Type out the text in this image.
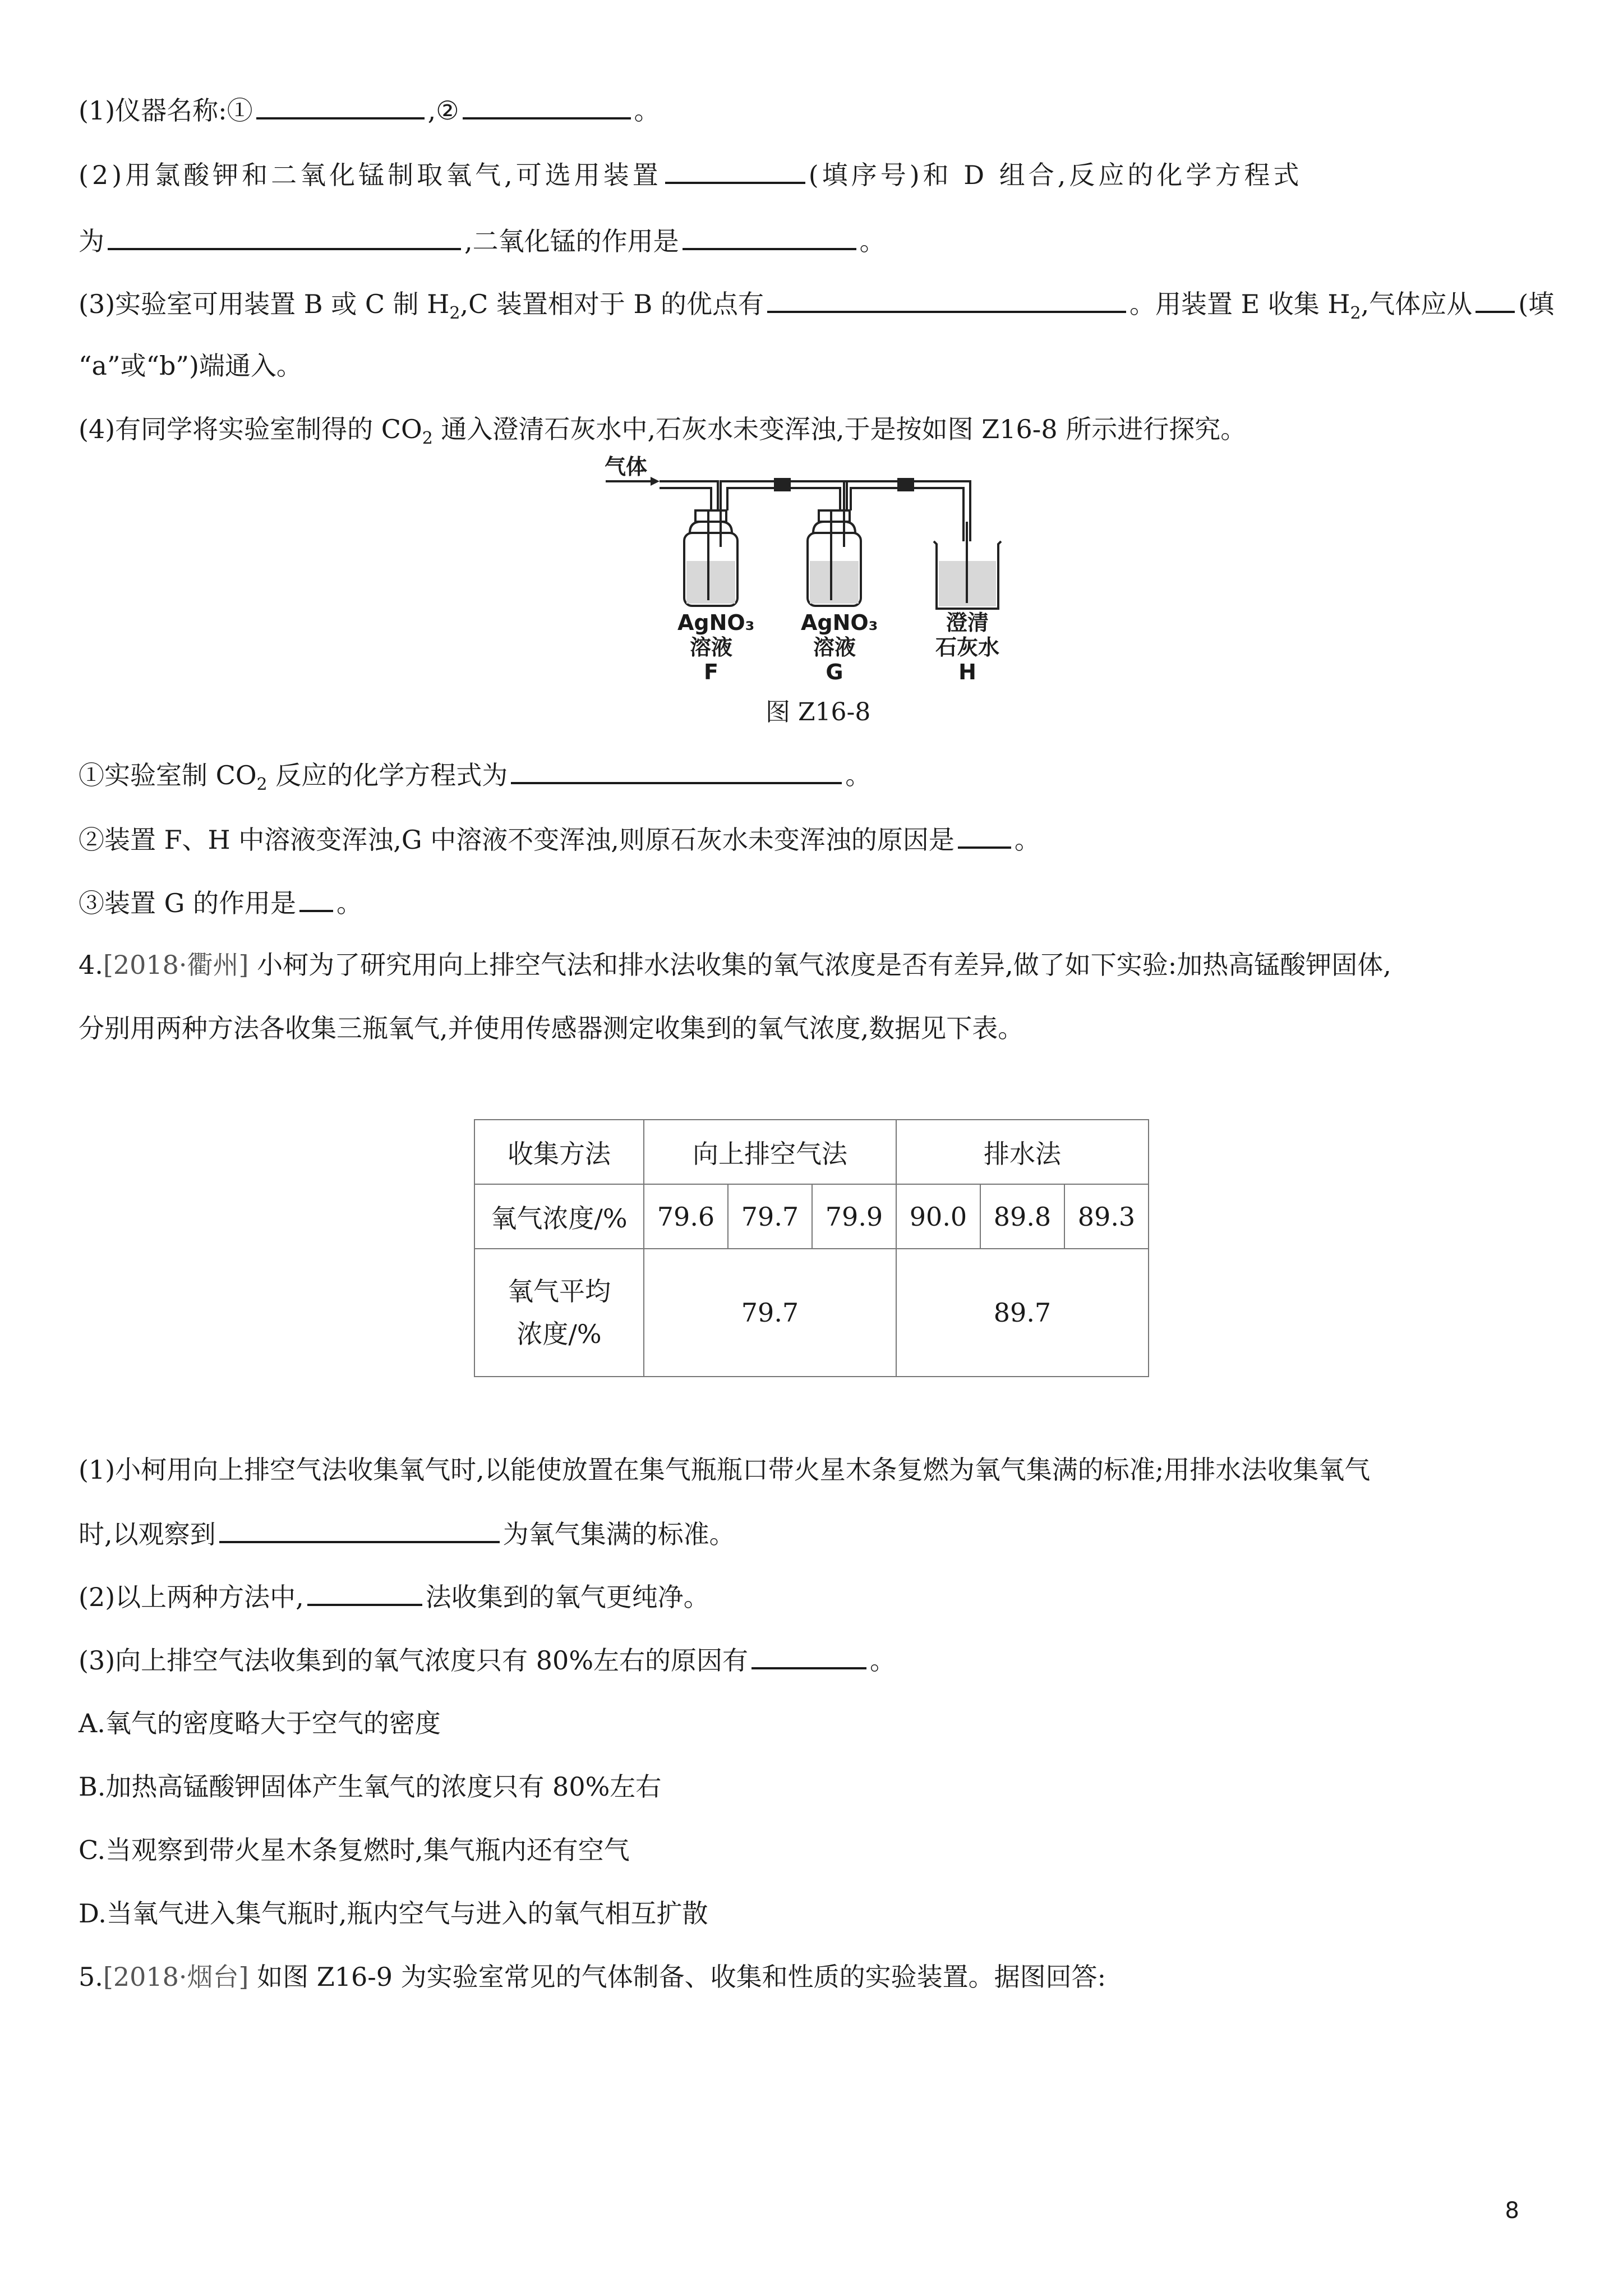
(1)仪器名称:①	,②	。
(2)用氯酸钾和二氧化锰制取氧气,可选用装置	(填序号)和 D 组合,反应的化学方程式
为	,二氧化锰的作用是	。
(3)实验室可用装置 B 或 C 制 $H_2,C$ 装置相对于 B 的优点有	。用装置 E 收集 $H_2$,气体应从 (填
“a”或“b”)端通入。
(4)有同学将实验室制得的 $CO_2$ 通入澄清石灰水中,石灰水未变浑浊,于是按如图 Z16-8 所示进行探究。
气体
AgNO₃
溶液
F
AgNO₃
溶液
G
澄清
石灰水
H
图 Z16-8
①实验室制 $CO_2$ 反应的化学方程式为	。
②装置 F、H 中溶液变浑浊,G 中溶液不变浑浊,则原石灰水未变浑浊的原因是 。
③装置 G 的作用是 。
4.[2018·衢州] 小柯为了研究用向上排空气法和排水法收集的氧气浓度是否有差异,做了如下实验:加热高锰酸钾固体,
分别用两种方法各收集三瓶氧气,并使用传感器测定收集到的氧气浓度,数据见下表。
收集方法	向上排空气法			排水法		
氧气浓度/%	79.6	79.7	79.9	90.0	89.8	89.3

氧气平均
浓度/%	79.7			89.7		
(1)小柯用向上排空气法收集氧气时,以能使放置在集气瓶瓶口带火星木条复燃为氧气集满的标准;用排水法收集氧气
时,以观察到	为氧气集满的标准。
(2)以上两种方法中,	法收集到的氧气更纯净。
(3)向上排空气法收集到的氧气浓度只有 80%左右的原因有	。
A.氧气的密度略大于空气的密度
B.加热高锰酸钾固体产生氧气的浓度只有 80%左右
C.当观察到带火星木条复燃时,集气瓶内还有空气
D.当氧气进入集气瓶时,瓶内空气与进入的氧气相互扩散
5.[2018·烟台] 如图 Z16-9 为实验室常见的气体制备、收集和性质的实验装置。据图回答:
8
